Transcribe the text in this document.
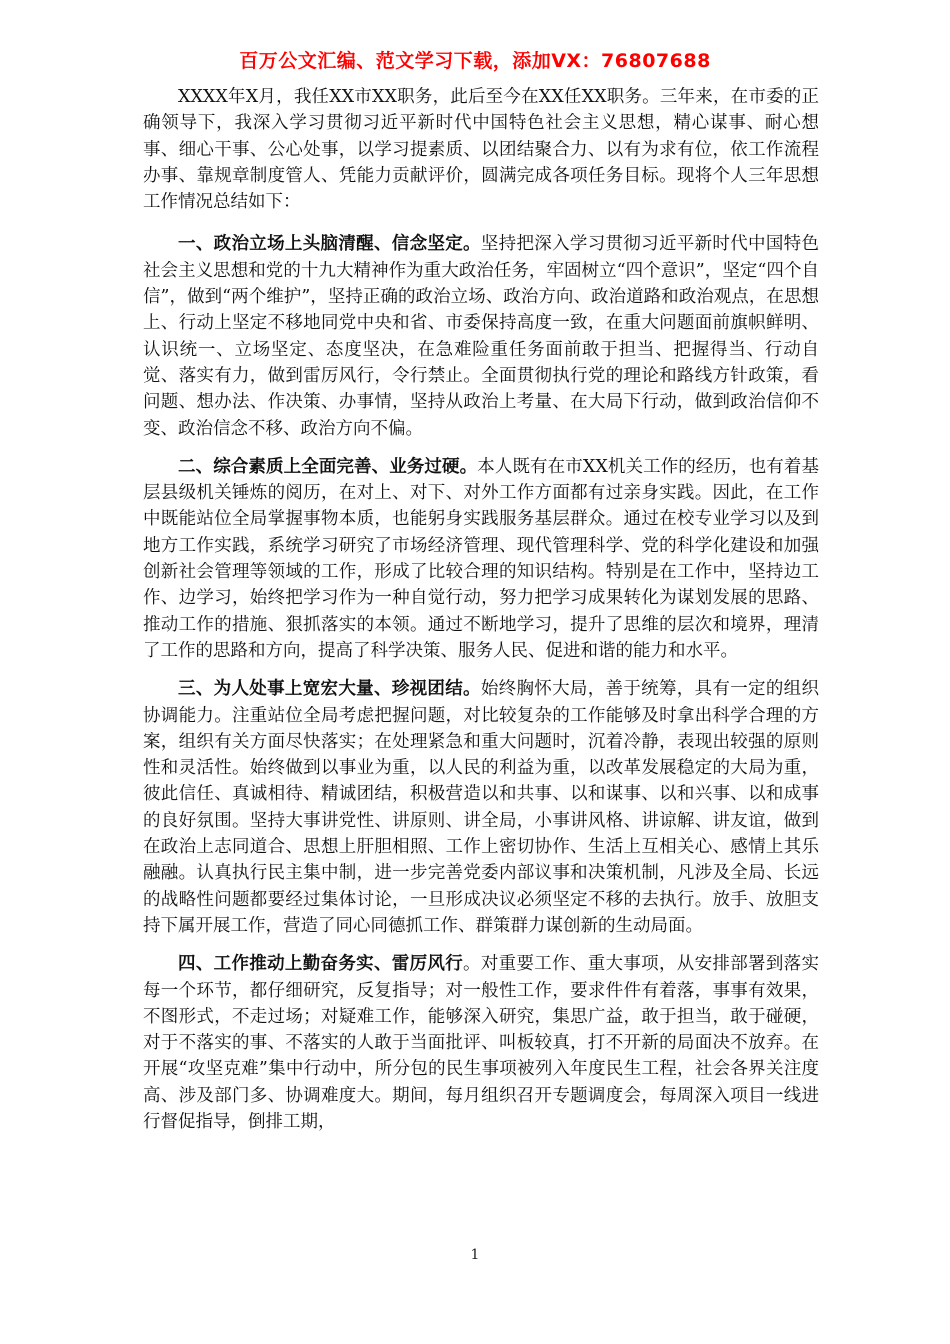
百万公文汇编、范文学习下载，添加VX：76807688

XXXX年X月，我任XX市XX职务，此后至今在XX任XX职务。三年来，在市委的正确领导下，我深入学习贯彻习近平新时代中国特色社会主义思想，精心谋事、耐心想事、细心干事、公心处事，以学习提素质、以团结聚合力、以有为求有位，依工作流程办事、靠规章制度管人、凭能力贡献评价，圆满完成各项任务目标。现将个人三年思想工作情况总结如下：

一、政治立场上头脑清醒、信念坚定。坚持把深入学习贯彻习近平新时代中国特色社会主义思想和党的十九大精神作为重大政治任务，牢固树立“四个意识”，坚定“四个自信”，做到“两个维护”，坚持正确的政治立场、政治方向、政治道路和政治观点，在思想上、行动上坚定不移地同党中央和省、市委保持高度一致，在重大问题面前旗帜鲜明、认识统一、立场坚定、态度坚决，在急难险重任务面前敢于担当、把握得当、行动自觉、落实有力，做到雷厉风行，令行禁止。全面贯彻执行党的理论和路线方针政策，看问题、想办法、作决策、办事情，坚持从政治上考量、在大局下行动，做到政治信仰不变、政治信念不移、政治方向不偏。

二、综合素质上全面完善、业务过硬。本人既有在市XX机关工作的经历，也有着基层县级机关锤炼的阅历，在对上、对下、对外工作方面都有过亲身实践。因此，在工作中既能站位全局掌握事物本质，也能躬身实践服务基层群众。通过在校专业学习以及到地方工作实践，系统学习研究了市场经济管理、现代管理科学、党的科学化建设和加强创新社会管理等领域的工作，形成了比较合理的知识结构。特别是在工作中，坚持边工作、边学习，始终把学习作为一种自觉行动，努力把学习成果转化为谋划发展的思路、推动工作的措施、狠抓落实的本领。通过不断地学习，提升了思维的层次和境界，理清了工作的思路和方向，提高了科学决策、服务人民、促进和谐的能力和水平。

三、为人处事上宽宏大量、珍视团结。始终胸怀大局，善于统筹，具有一定的组织协调能力。注重站位全局考虑把握问题，对比较复杂的工作能够及时拿出科学合理的方案，组织有关方面尽快落实；在处理紧急和重大问题时，沉着冷静，表现出较强的原则性和灵活性。始终做到以事业为重，以人民的利益为重，以改革发展稳定的大局为重，彼此信任、真诚相待、精诚团结，积极营造以和共事、以和谋事、以和兴事、以和成事的良好氛围。坚持大事讲党性、讲原则、讲全局，小事讲风格、讲谅解、讲友谊，做到在政治上志同道合、思想上肝胆相照、工作上密切协作、生活上互相关心、感情上其乐融融。认真执行民主集中制，进一步完善党委内部议事和决策机制，凡涉及全局、长远的战略性问题都要经过集体讨论，一旦形成决议必须坚定不移的去执行。放手、放胆支持下属开展工作，营造了同心同德抓工作、群策群力谋创新的生动局面。

四、工作推动上勤奋务实、雷厉风行。对重要工作、重大事项，从安排部署到落实每一个环节，都仔细研究，反复指导；对一般性工作，要求件件有着落，事事有效果，不图形式，不走过场；对疑难工作，能够深入研究，集思广益，敢于担当，敢于碰硬，对于不落实的事、不落实的人敢于当面批评、叫板较真，打不开新的局面决不放弃。在开展“攻坚克难”集中行动中，所分包的民生事项被列入年度民生工程，社会各界关注度高、涉及部门多、协调难度大。期间，每月组织召开专题调度会，每周深入项目一线进行督促指导，倒排工期，

1
